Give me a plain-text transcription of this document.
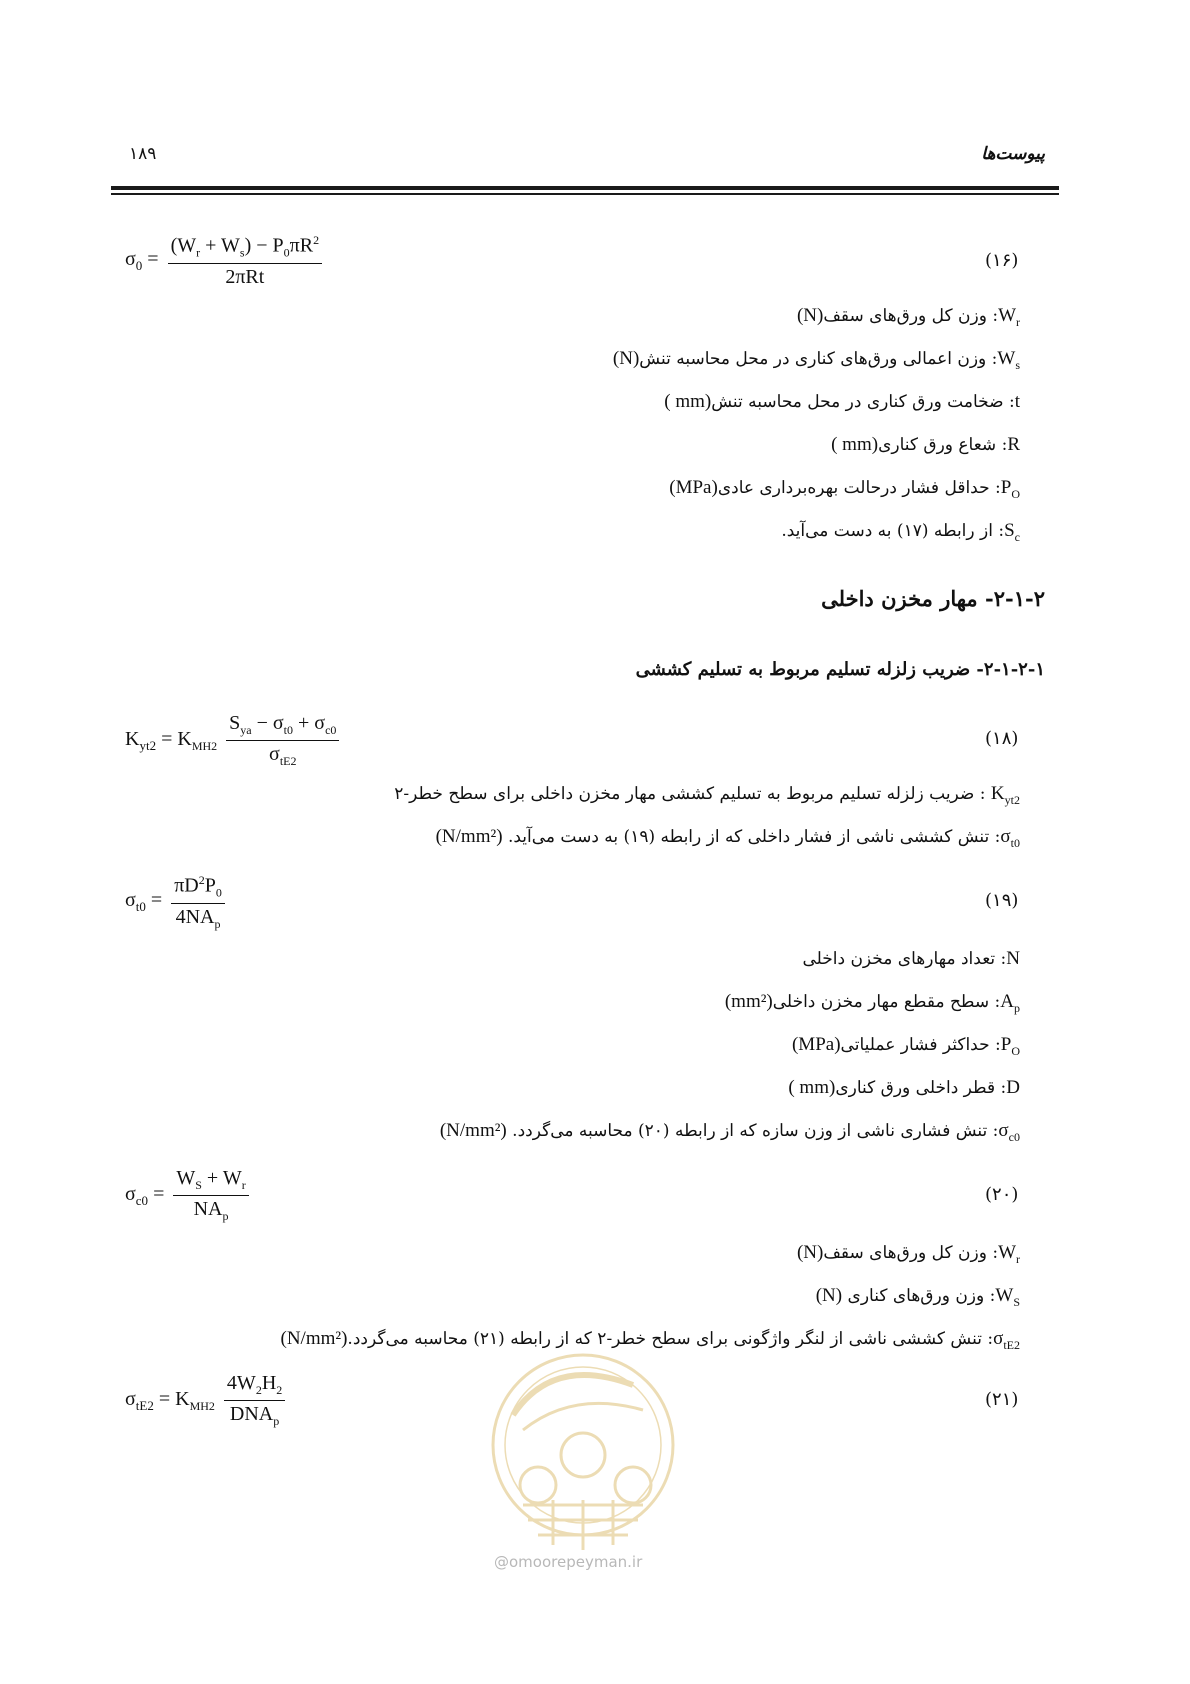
پیوست‌ها
۱۸۹
$\sigma_0 = \frac{(W_r + W_s) - P_0\pi R^2}{\text{2πRt}}$	(۱۶)
$W_r$: وزن کل ورق‌های سقف(N)
$W_s$: وزن اعمالی ورق‌های کناری در محل محاسبه تنش(N)
t: ضخامت ورق کناری در محل محاسبه تنش( mm)
R: شعاع ورق کناری( mm)
$P_O$: حداقل فشار درحالت بهره‌برداری عادی(MPa)
$S_c$: از رابطه (۱۷) به دست می‌آید.
۲-۱-۲- مهار مخزن داخلی
۲-۱-۲-۱- ضریب زلزله تسلیم مربوط به تسلیم کششی
$K_{yt2} = K_{MH2} \frac{S_{ya} - \sigma_{t0} + \sigma_{c0}}{\sigma_{tE2}}$	(۱۸)
$K_{yt2}$ : ضریب زلزله تسلیم مربوط به تسلیم کششی مهار مخزن داخلی برای سطح خطر-۲
$\sigma_{t0}$: تنش کششی ناشی از فشار داخلی که از رابطه (۱۹) به دست می‌آید. (N/mm²)
$\sigma_{t0} = \frac{\pi D^2P_0}{4NA_p}$	(۱۹)
N: تعداد مهارهای مخزن داخلی
$A_p$: سطح مقطع مهار مخزن داخلی(mm²)
$P_O$: حداکثر فشار عملیاتی(MPa)
D: قطر داخلی ورق کناری( mm)
$\sigma_{c0}$: تنش فشاری ناشی از وزن سازه که از رابطه (۲۰) محاسبه می‌گردد. (N/mm²)
$\sigma_{c0} = \frac{W_S + W_r}{NA_p}$	(۲۰)
$W_r$: وزن کل ورق‌های سقف(N)
$W_S$: وزن ورق‌های کناری (N)
$\sigma_{tE2}$: تنش کششی ناشی از لنگر واژگونی برای سطح خطر-۲ که از رابطه (۲۱) محاسبه می‌گردد.(N/mm²)
$\sigma_{tE2} = K_{MH2} \frac{4W_2H_2}{DNA_p}$	(۲۱)
@omoorepeyman.ir
